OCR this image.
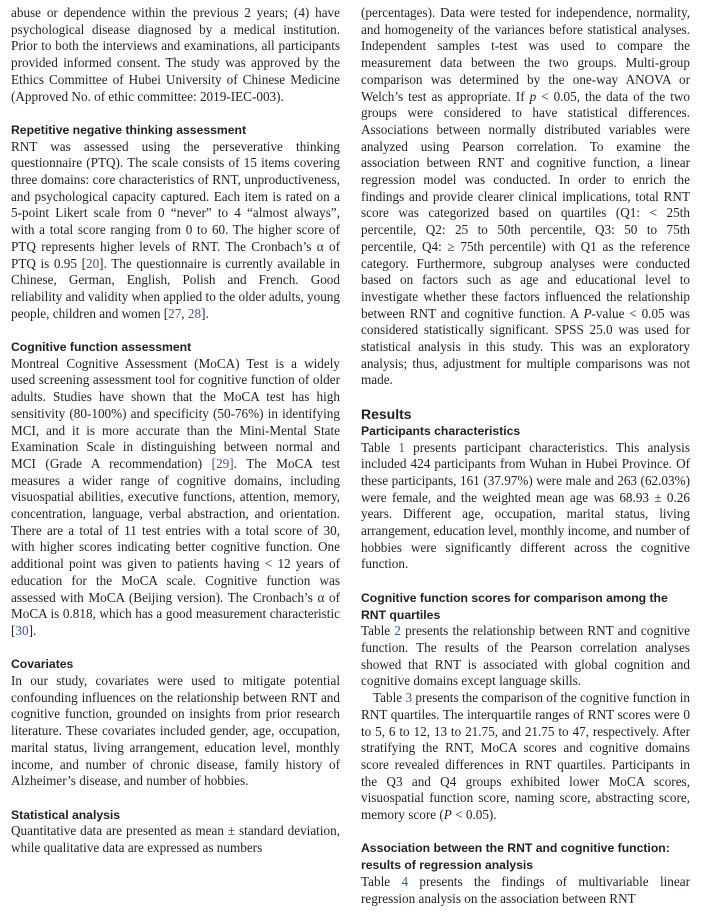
abuse or dependence within the previous 2 years; (4) have psychological disease diagnosed by a medical institution. Prior to both the interviews and examinations, all participants provided informed consent. The study was approved by the Ethics Committee of Hubei University of Chinese Medicine (Approved No. of ethic committee: 2019-IEC-003).

Repetitive negative thinking assessment

RNT was assessed using the perseverative thinking questionnaire (PTQ). The scale consists of 15 items covering three domains: core characteristics of RNT, unproductiveness, and psychological capacity captured. Each item is rated on a 5-point Likert scale from 0 “never” to 4 “almost always”, with a total score ranging from 0 to 60. The higher score of PTQ represents higher levels of RNT. The Cronbach’s α of PTQ is 0.95 [20]. The questionnaire is currently available in Chinese, German, English, Polish and French. Good reliability and validity when applied to the older adults, young people, children and women [27, 28].

Cognitive function assessment

Montreal Cognitive Assessment (MoCA) Test is a widely used screening assessment tool for cognitive function of older adults. Studies have shown that the MoCA test has high sensitivity (80-100%) and specificity (50-76%) in identifying MCI, and it is more accurate than the Mini-Mental State Examination Scale in distinguishing between normal and MCI (Grade A recommendation) [29]. The MoCA test measures a wider range of cognitive domains, including visuospatial abilities, executive functions, attention, memory, concentration, language, verbal abstraction, and orientation. There are a total of 11 test entries with a total score of 30, with higher scores indicating better cognitive function. One additional point was given to patients having < 12 years of education for the MoCA scale. Cognitive function was assessed with MoCA (Beijing version). The Cronbach’s α of MoCA is 0.818, which has a good measurement characteristic [30].

Covariates

In our study, covariates were used to mitigate potential confounding influences on the relationship between RNT and cognitive function, grounded on insights from prior research literature. These covariates included gender, age, occupation, marital status, living arrangement, education level, monthly income, and number of chronic disease, family history of Alzheimer’s disease, and number of hobbies.

Statistical analysis

Quantitative data are presented as mean ± standard deviation, while qualitative data are expressed as numbers

(percentages). Data were tested for independence, normality, and homogeneity of the variances before statistical analyses. Independent samples t-test was used to compare the measurement data between the two groups. Multi-group comparison was determined by the one-way ANOVA or Welch’s test as appropriate. If p < 0.05, the data of the two groups were considered to have statistical differences. Associations between normally distributed variables were analyzed using Pearson correlation. To examine the association between RNT and cognitive function, a linear regression model was conducted. In order to enrich the findings and provide clearer clinical implications, total RNT score was categorized based on quartiles (Q1: < 25th percentile, Q2: 25 to 50th percentile, Q3: 50 to 75th percentile, Q4: ≥ 75th percentile) with Q1 as the reference category. Furthermore, subgroup analyses were conducted based on factors such as age and educational level to investigate whether these factors influenced the relationship between RNT and cognitive function. A P-value < 0.05 was considered statistically significant. SPSS 25.0 was used for statistical analysis in this study. This was an exploratory analysis; thus, adjustment for multiple comparisons was not made.

Results
Participants characteristics

Table 1 presents participant characteristics. This analysis included 424 participants from Wuhan in Hubei Province. Of these participants, 161 (37.97%) were male and 263 (62.03%) were female, and the weighted mean age was 68.93 ± 0.26 years. Different age, occupation, marital status, living arrangement, education level, monthly income, and number of hobbies were significantly different across the cognitive function.

Cognitive function scores for comparison among the RNT quartiles

Table 2 presents the relationship between RNT and cognitive function. The results of the Pearson correlation analyses showed that RNT is associated with global cognition and cognitive domains except language skills.

Table 3 presents the comparison of the cognitive function in RNT quartiles. The interquartile ranges of RNT scores were 0 to 5, 6 to 12, 13 to 21.75, and 21.75 to 47, respectively. After stratifying the RNT, MoCA scores and cognitive domains score revealed differences in RNT quartiles. Participants in the Q3 and Q4 groups exhibited lower MoCA scores, visuospatial function score, naming score, abstracting score, memory score (P < 0.05).

Association between the RNT and cognitive function: results of regression analysis

Table 4 presents the findings of multivariable linear regression analysis on the association between RNT
